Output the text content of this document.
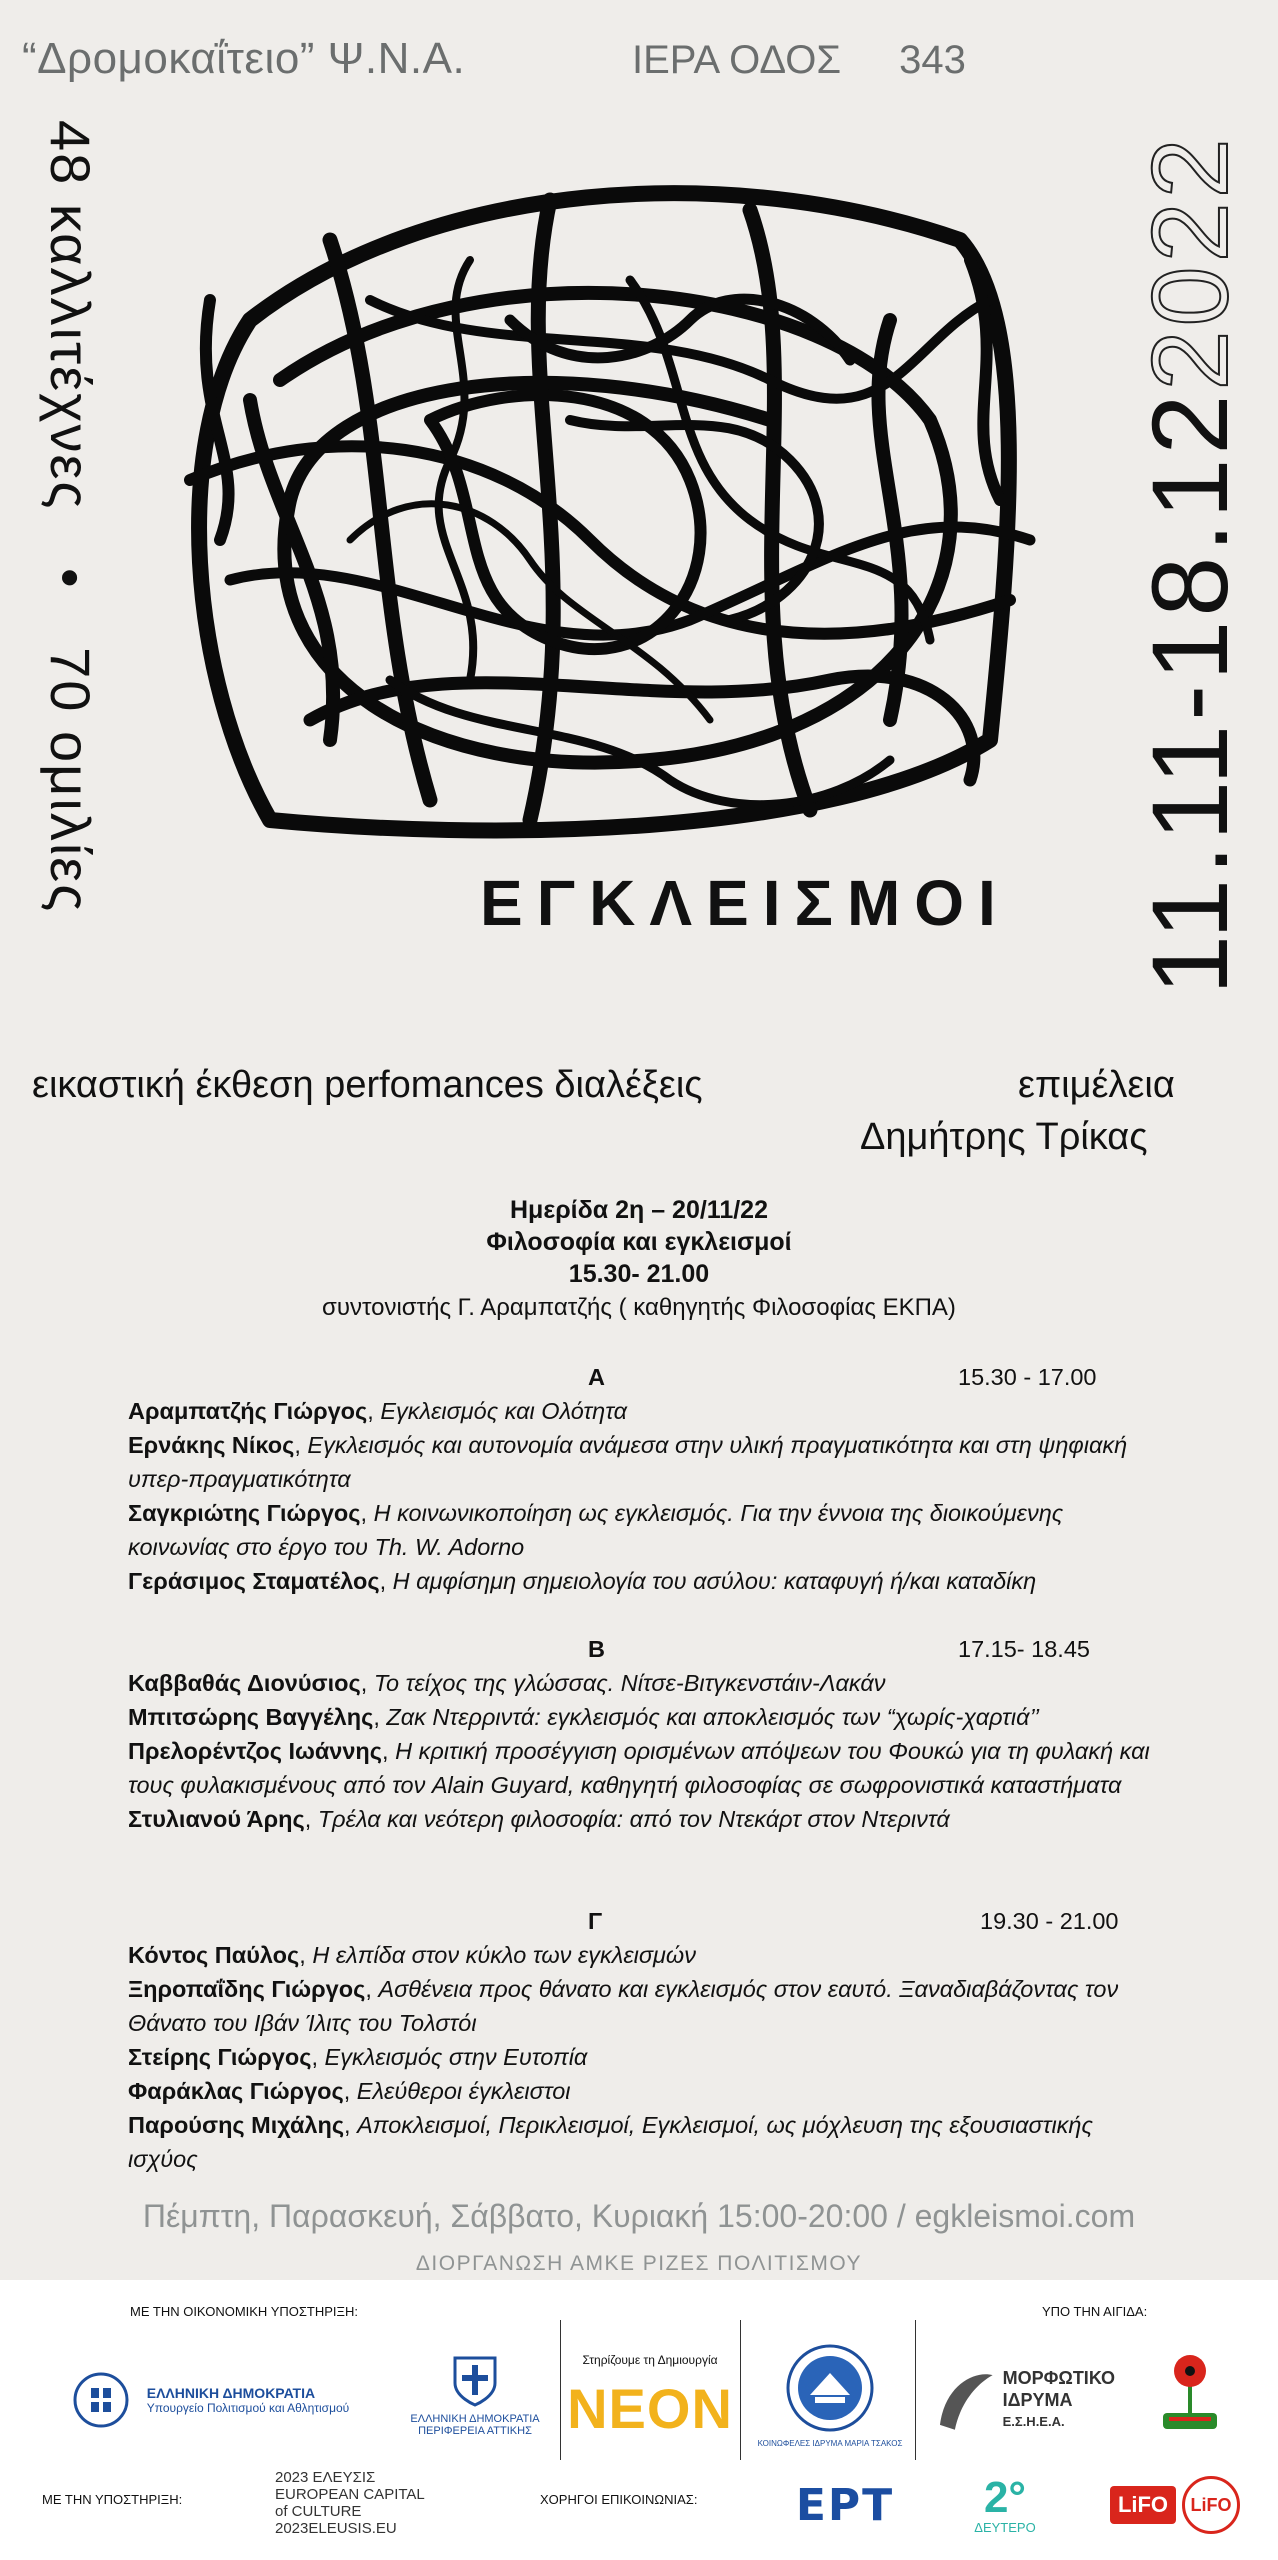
“Δρομοκαΐτειο” Ψ.Ν.Α.	ΙΕΡΑ ΟΔΟΣ 343
48 καλλιτέχνες • 70 ομιλίες	11.11-18.122022
ΕΓΚΛΕΙΣΜΟΙ
εικαστική έκθεση perfomances διαλέξεις	επιμέλεια
Δημήτρης Τρίκας
Ημερίδα 2η – 20/11/22
Φιλοσοφία και εγκλεισμοί
15.30- 21.00
συντονιστής Γ. Αραμπατζής ( καθηγητής Φιλοσοφίας ΕΚΠΑ)
Α	15.30 - 17.00
Αραμπατζής Γιώργος, Εγκλεισμός και Ολότητα
Ερνάκης Νίκος, Εγκλεισμός και αυτονομία ανάμεσα στην υλική πραγματικότητα και στη ψηφιακή υπερ-πραγματικότητα
Σαγκριώτης Γιώργος, Η κοινωνικοποίηση ως εγκλεισμός. Για την έννοια της διοικούμενης κοινωνίας στο έργο του Th. W. Adorno
Γεράσιμος Σταματέλος, Η αμφίσημη σημειολογία του ασύλου: καταφυγή ή/και καταδίκη
Β	17.15- 18.45
Καββαθάς Διονύσιος, Το τείχος της γλώσσας. Νίτσε-Βιτγκενστάιν-Λακάν
Μπιτσώρης Βαγγέλης, Ζακ Ντερριντά: εγκλεισμός και αποκλεισμός των “χωρίς-χαρτιά’’
Πρελορέντζος Ιωάννης, Η κριτική προσέγγιση ορισμένων απόψεων του Φουκώ για τη φυλακή και τους φυλακισμένους από τον Alain Guyard, καθηγητή φιλοσοφίας σε σωφρονιστικά καταστήματα
Στυλιανού Άρης, Τρέλα και νεότερη φιλοσοφία: από τον Ντεκάρτ στον Ντεριντά
Γ	19.30 - 21.00
Κόντος Παύλος, Η ελπίδα στον κύκλο των εγκλεισμών
Ξηροπαΐδης Γιώργος, Ασθένεια προς θάνατο και εγκλεισμός στον εαυτό. Ξαναδιαβάζοντας τον Θάνατο του Ιβάν Ίλιτς του Τολστόι
Στείρης Γιώργος, Εγκλεισμός στην Ευτοπία
Φαράκλας Γιώργος, Ελεύθεροι έγκλειστοι
Παρούσης Μιχάλης, Αποκλεισμοί, Περικλεισμοί, Εγκλεισμοί, ως μόχλευση της εξουσιαστικής ισχύος
Πέμπτη, Παρασκευή, Σάββατο, Κυριακή 15:00-20:00 / egkleismoi.com
ΔΙΟΡΓΑΝΩΣΗ ΑΜΚΕ ΡΙΖΕΣ ΠΟΛΙΤΙΣΜΟΥ
ΜΕ ΤΗΝ ΟΙΚΟΝΟΜΙΚΗ ΥΠΟΣΤΗΡΙΞΗ:	ΥΠΟ ΤΗΝ ΑΙΓΙΔΑ:
ΕΛΛΗΝΙΚΗ ΔΗΜΟΚΡΑΤΙΑ
Υπουργείο Πολιτισμού και Αθλητισμού
ΕΛΛΗΝΙΚΗ ΔΗΜΟΚΡΑΤΙΑ
ΠΕΡΙΦΕΡΕΙΑ ΑΤΤΙΚΗΣ
Στηρίζουμε τη Δημιουργία
NEON
ΚΟΙΝΩΦΕΛΕΣ ΙΔΡΥΜΑ ΜΑΡΙΑ ΤΣΑΚΟΣ
ΜΟΡΦΩΤΙΚΟ
ΙΔΡΥΜΑ
Ε.Σ.Η.Ε.Α.
ΜΕ ΤΗΝ ΥΠΟΣΤΗΡΙΞΗ:
2023 ΕΛΕΥΣΙΣ EUROPEAN CAPITAL of CULTURE 2023ELEUSIS.EU
ΧΟΡΗΓΟΙ ΕΠΙΚΟΙΝΩΝΙΑΣ: ΕΡΤ 2°
ΔΕΥΤΕΡΟ
LiFO	LiFO
